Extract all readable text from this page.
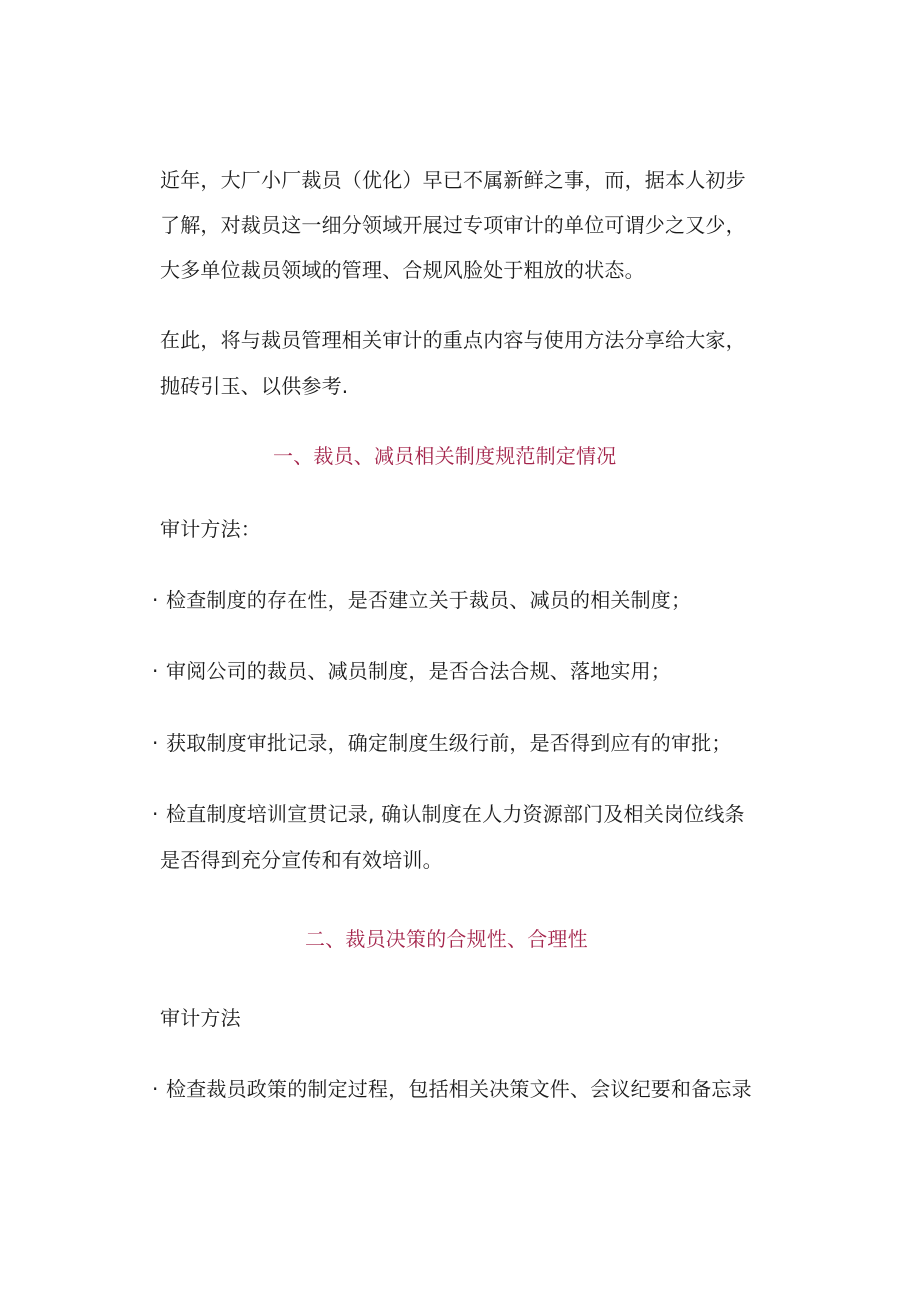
近年，大厂小厂裁员（优化）早已不属新鲜之事，而，据本人初步
了解，对裁员这一细分领域开展过专项审计的单位可谓少之又少，
大多单位裁员领域的管理、合规风脸处于粗放的状态。
在此，将与裁员管理相关审计的重点内容与使用方法分享给大家，
抛砖引玉、以供参考.
一、裁员、减员相关制度规范制定情况
审计方法：
· 检查制度的存在性，是否建立关于裁员、减员的相关制度；
· 审阅公司的裁员、减员制度，是否合法合规、落地实用；
· 获取制度审批记录，确定制度生级行前，是否得到应有的审批；
· 检直制度培训宣贯记录, 确认制度在人力资源部门及相关岗位线条
是否得到充分宣传和有效培训。
二、裁员决策的合规性、合理性
审计方法
· 检查裁员政策的制定过程，包括相关决策文件、会议纪要和备忘录
